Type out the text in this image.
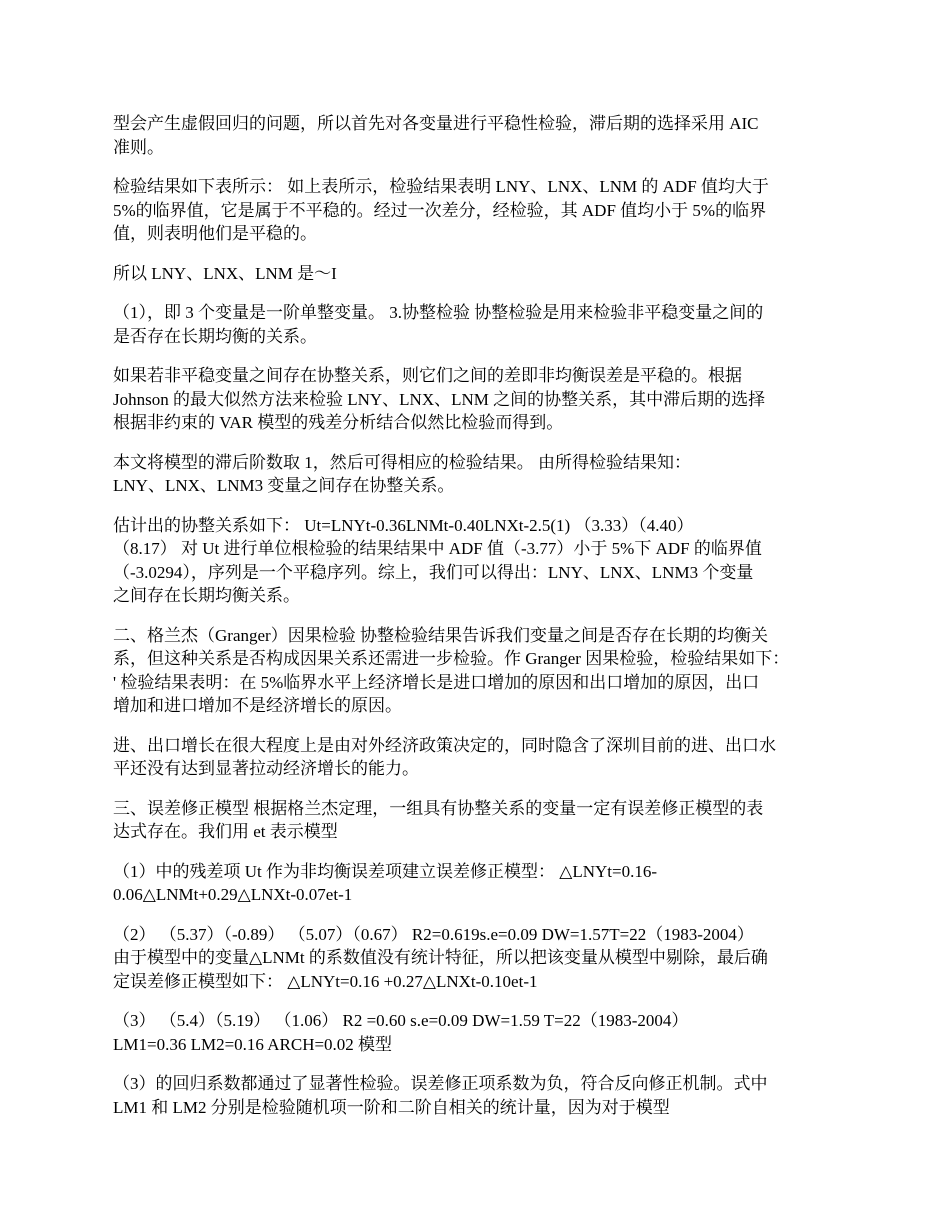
型会产生虚假回归的问题，所以首先对各变量进行平稳性检验，滞后期的选择采用 AIC
准则。

检验结果如下表所示： 如上表所示，检验结果表明 LNY、LNX、LNM 的 ADF 值均大于
5%的临界值，它是属于不平稳的。经过一次差分，经检验，其 ADF 值均小于 5%的临界
值，则表明他们是平稳的。

所以 LNY、LNX、LNM 是～I

（1），即 3 个变量是一阶单整变量。 3.协整检验 协整检验是用来检验非平稳变量之间的
是否存在长期均衡的关系。

如果若非平稳变量之间存在协整关系，则它们之间的差即非均衡误差是平稳的。根据
Johnson 的最大似然方法来检验 LNY、LNX、LNM 之间的协整关系，其中滞后期的选择
根据非约束的 VAR 模型的残差分析结合似然比检验而得到。

本文将模型的滞后阶数取 1，然后可得相应的检验结果。 由所得检验结果知：
LNY、LNX、LNM3 变量之间存在协整关系。

估计出的协整关系如下： Ut=LNYt-0.36LNMt-0.40LNXt-2.5(1) （3.33）（4.40）
（8.17） 对 Ut 进行单位根检验的结果结果中 ADF 值（-3.77）小于 5%下 ADF 的临界值
（-3.0294），序列是一个平稳序列。综上，我们可以得出：LNY、LNX、LNM3 个变量
之间存在长期均衡关系。

二、格兰杰（Granger）因果检验 协整检验结果告诉我们变量之间是否存在长期的均衡关
系，但这种关系是否构成因果关系还需进一步检验。作 Granger 因果检验，检验结果如下：
' 检验结果表明：在 5%临界水平上经济增长是进口增加的原因和出口增加的原因，出口
增加和进口增加不是经济增长的原因。

进、出口增长在很大程度上是由对外经济政策决定的，同时隐含了深圳目前的进、出口水
平还没有达到显著拉动经济增长的能力。

三、误差修正模型 根据格兰杰定理，一组具有协整关系的变量一定有误差修正模型的表
达式存在。我们用 et 表示模型

（1）中的残差项 Ut 作为非均衡误差项建立误差修正模型： △LNYt=0.16-
0.06△LNMt+0.29△LNXt-0.07et-1

（2） （5.37）（-0.89） （5.07）（0.67） R2=0.619s.e=0.09 DW=1.57T=22（1983-2004）
由于模型中的变量△LNMt 的系数值没有统计特征，所以把该变量从模型中剔除，最后确
定误差修正模型如下： △LNYt=0.16 +0.27△LNXt-0.10et-1

（3） （5.4）（5.19） （1.06） R2 =0.60 s.e=0.09 DW=1.59 T=22（1983-2004）
LM1=0.36 LM2=0.16 ARCH=0.02 模型

（3）的回归系数都通过了显著性检验。误差修正项系数为负，符合反向修正机制。式中
LM1 和 LM2 分别是检验随机项一阶和二阶自相关的统计量，因为对于模型
